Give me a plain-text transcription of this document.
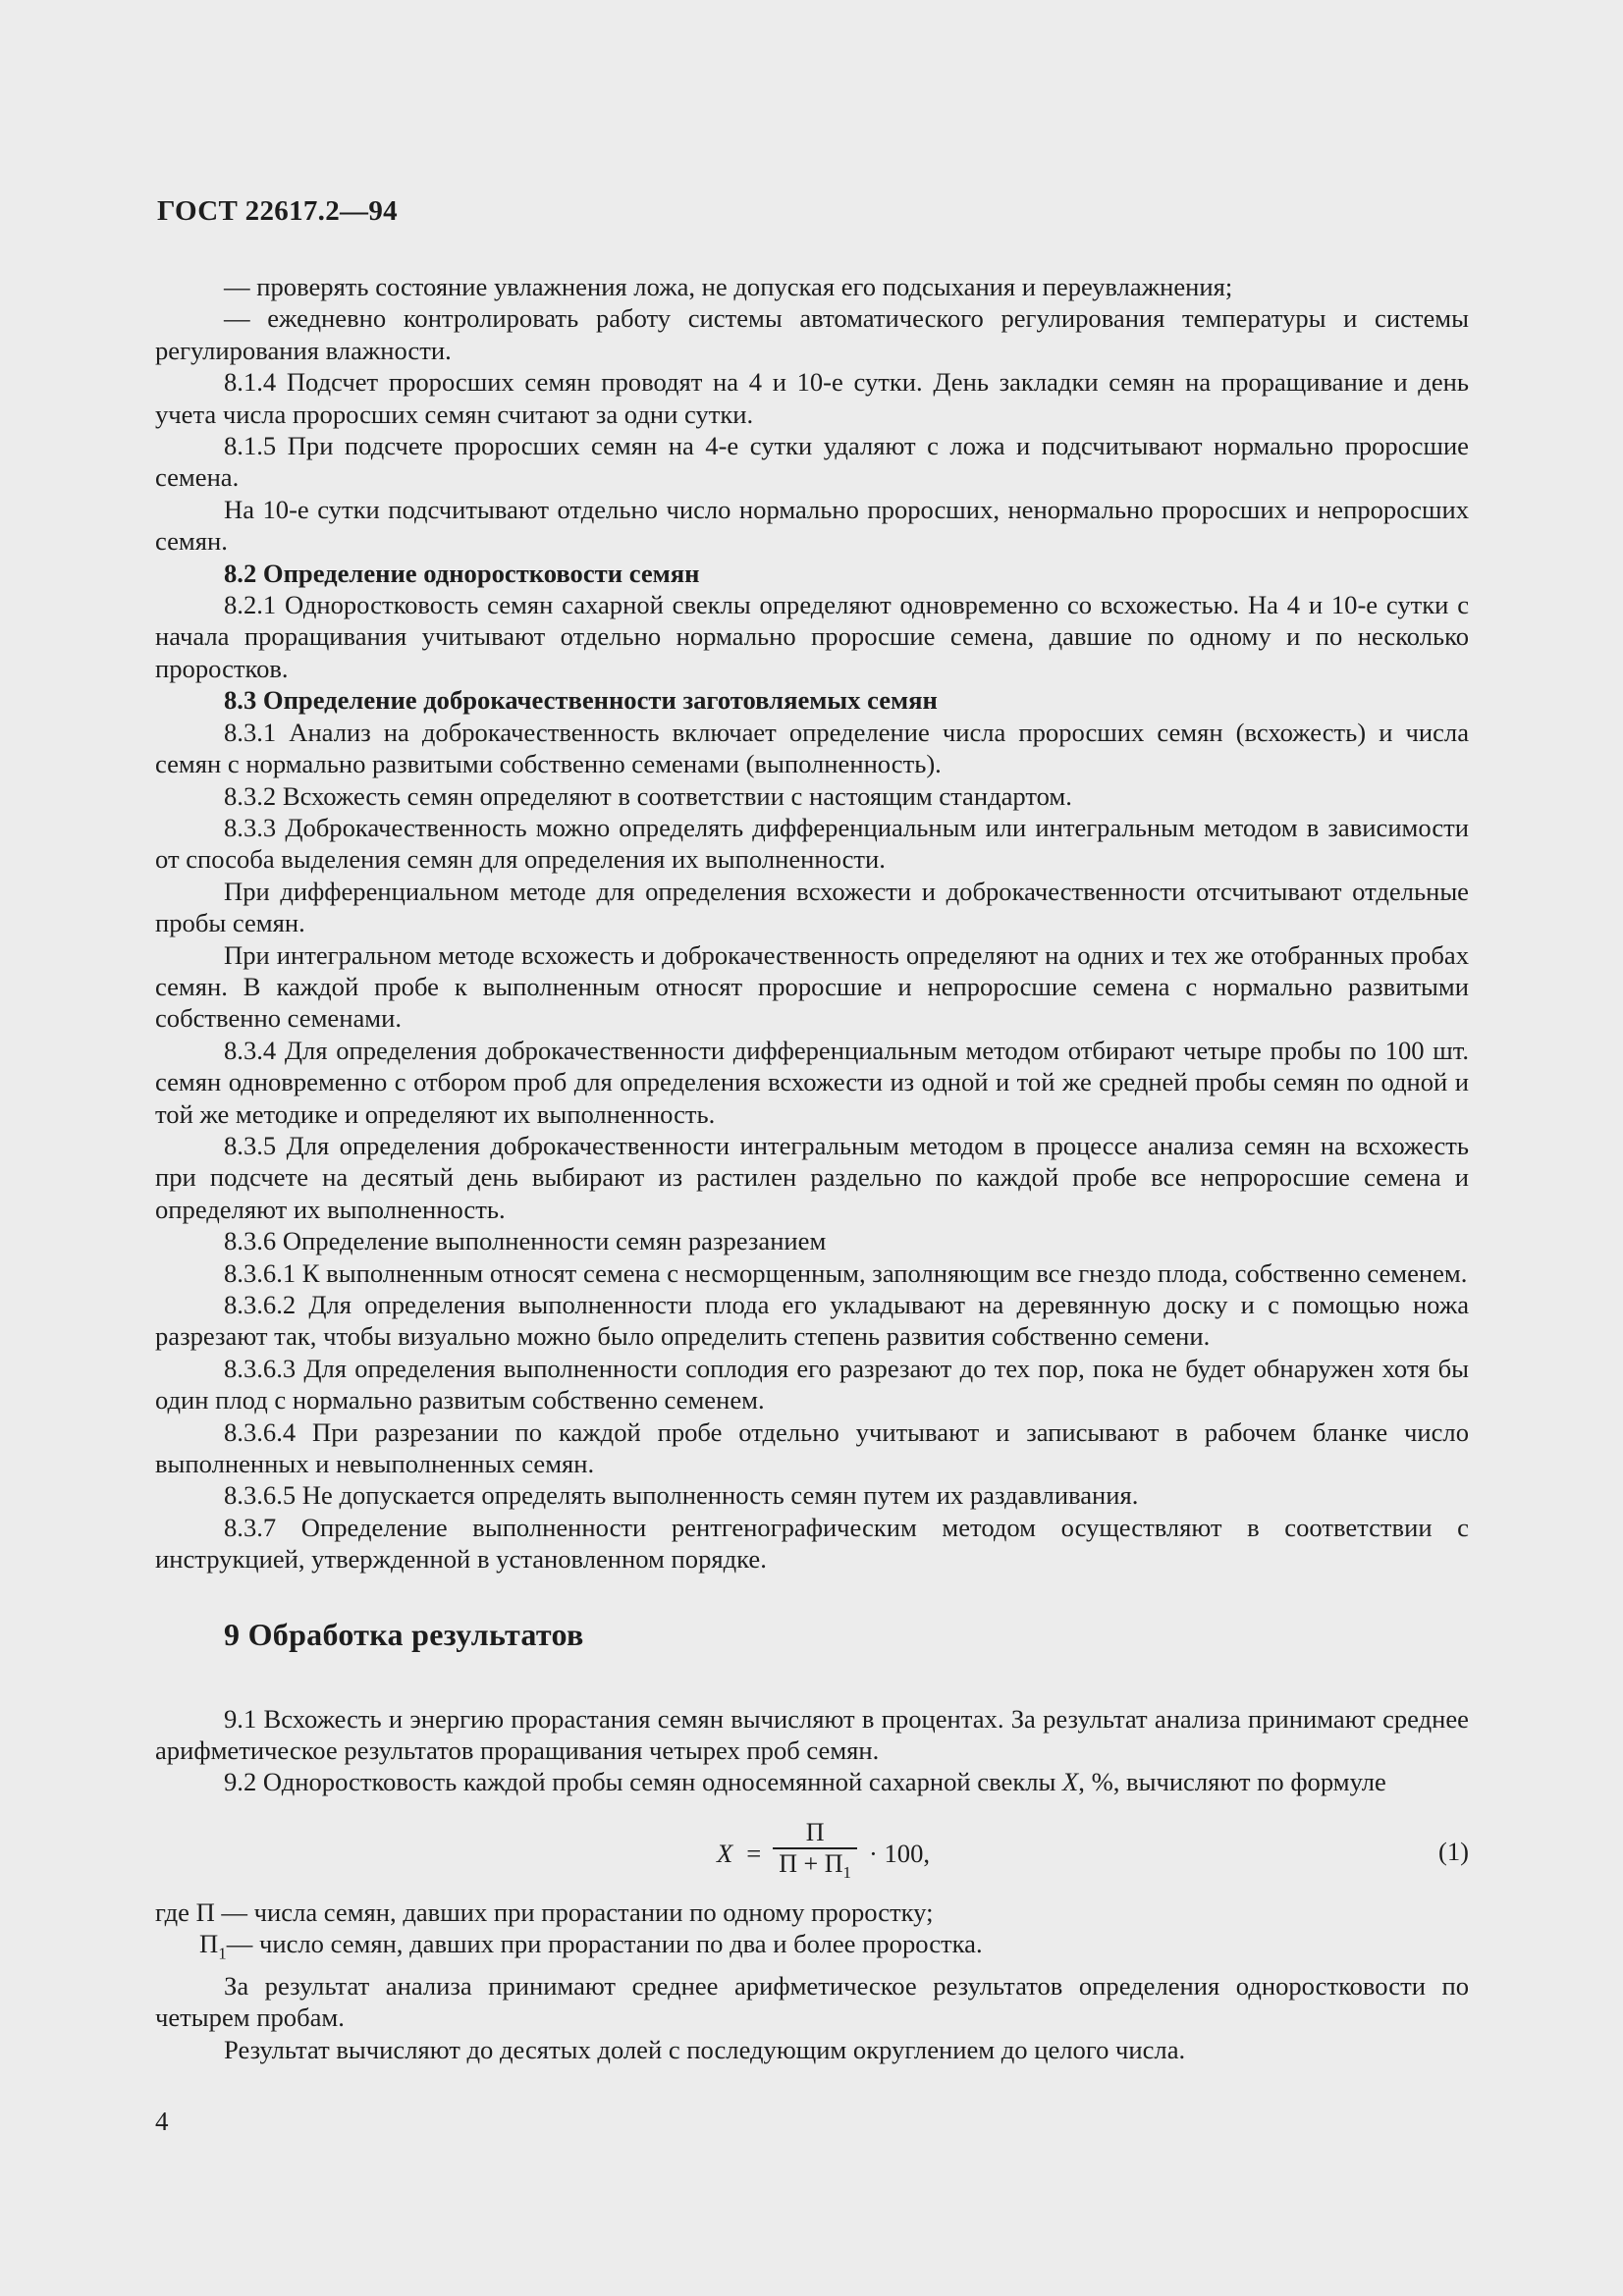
ГОСТ 22617.2—94

— проверять состояние увлажнения ложа, не допуская его подсыхания и переувлажнения;

— ежедневно контролировать работу системы автоматического регулирования температуры и системы регулирования влажности.

8.1.4 Подсчет проросших семян проводят на 4 и 10-е сутки. День закладки семян на проращивание и день учета числа проросших семян считают за одни сутки.

8.1.5 При подсчете проросших семян на 4-е сутки удаляют с ложа и подсчитывают нормально проросшие семена.

На 10-е сутки подсчитывают отдельно число нормально проросших, ненормально проросших и непроросших семян.

8.2 Определение одноростковости семян

8.2.1 Одноростковость семян сахарной свеклы определяют одновременно со всхожестью. На 4 и 10-е сутки с начала проращивания учитывают отдельно нормально проросшие семена, давшие по одному и по несколько проростков.

8.3 Определение доброкачественности заготовляемых семян

8.3.1 Анализ на доброкачественность включает определение числа проросших семян (всхожесть) и числа семян с нормально развитыми собственно семенами (выполненность).

8.3.2 Всхожесть семян определяют в соответствии с настоящим стандартом.

8.3.3 Доброкачественность можно определять дифференциальным или интегральным методом в зависимости от способа выделения семян для определения их выполненности.

При дифференциальном методе для определения всхожести и доброкачественности отсчитывают отдельные пробы семян.

При интегральном методе всхожесть и доброкачественность определяют на одних и тех же отобранных пробах семян. В каждой пробе к выполненным относят проросшие и непроросшие семена с нормально развитыми собственно семенами.

8.3.4 Для определения доброкачественности дифференциальным методом отбирают четыре пробы по 100 шт. семян одновременно с отбором проб для определения всхожести из одной и той же средней пробы семян по одной и той же методике и определяют их выполненность.

8.3.5 Для определения доброкачественности интегральным методом в процессе анализа семян на всхожесть при подсчете на десятый день выбирают из растилен раздельно по каждой пробе все непроросшие семена и определяют их выполненность.

8.3.6 Определение выполненности семян разрезанием

8.3.6.1 К выполненным относят семена с несморщенным, заполняющим все гнездо плода, собственно семенем.

8.3.6.2 Для определения выполненности плода его укладывают на деревянную доску и с помощью ножа разрезают так, чтобы визуально можно было определить степень развития собственно семени.

8.3.6.3 Для определения выполненности соплодия его разрезают до тех пор, пока не будет обнаружен хотя бы один плод с нормально развитым собственно семенем.

8.3.6.4 При разрезании по каждой пробе отдельно учитывают и записывают в рабочем бланке число выполненных и невыполненных семян.

8.3.6.5 Не допускается определять выполненность семян путем их раздавливания.

8.3.7 Определение выполненности рентгенографическим методом осуществляют в соответствии с инструкцией, утвержденной в установленном порядке.

9 Обработка результатов

9.1 Всхожесть и энергию прорастания семян вычисляют в процентах. За результат анализа принимают среднее арифметическое результатов проращивания четырех проб семян.

9.2 Одноростковость каждой пробы семян односемянной сахарной свеклы X, %, вычисляют по формуле

$X = \frac{П}{П + П_1} \cdot 100$,	(1)

где П — числа семян, давших при прорастании по одному проростку;

$П_1—$ число семян, давших при прорастании по два и более проростка.

За результат анализа принимают среднее арифметическое результатов определения одноростковости по четырем пробам.

Результат вычисляют до десятых долей с последующим округлением до целого числа.

4
